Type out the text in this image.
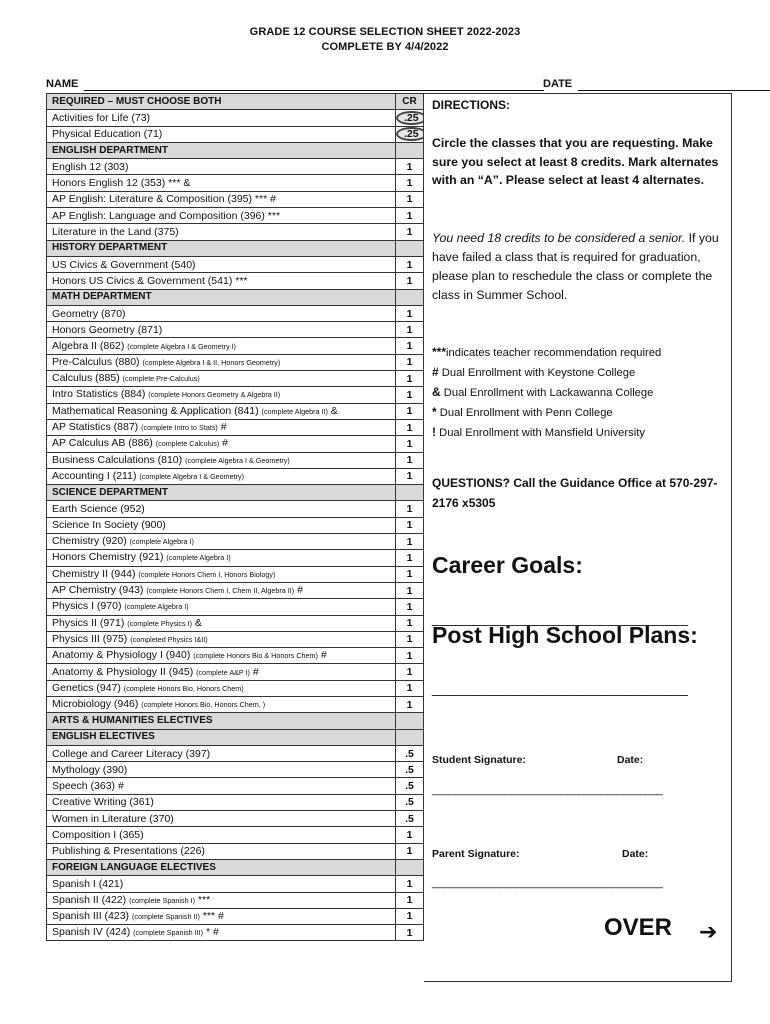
GRADE 12 COURSE SELECTION SHEET 2022-2023
COMPLETE BY 4/4/2022
NAME	DATE
REQUIRED – MUST CHOOSE BOTH	CR
Activities for Life (73)	.25
Physical Education (71)	.25
ENGLISH DEPARTMENT	
English 12 (303)	1
Honors English 12 (353) *** &	1
AP English: Literature & Composition (395) *** #	1
AP English: Language and Composition (396) ***	1
Literature in the Land (375)	1
HISTORY DEPARTMENT	
US Civics & Government (540)	1
Honors US Civics & Government (541) ***	1
MATH DEPARTMENT	
Geometry (870)	1
Honors Geometry (871)	1
Algebra II (862) (complete Algebra I & Geometry I)	1
Pre-Calculus (880) (complete Algebra I & II, Honors Geometry)	1
Calculus (885) (complete Pre-Calculus)	1
Intro Statistics (884) (complete Honors Geometry & Algebra II)	1
Mathematical Reasoning & Application (841) (complete Algebra II) &	1
AP Statistics (887) (complete Intro to Stats) #	1
AP Calculus AB (886) (complete Calculus) #	1
Business Calculations (810) (complete Algebra I & Geometry)	1
Accounting I (211) (complete Algebra I & Geometry)	1
SCIENCE DEPARTMENT	
Earth Science (952)	1
Science In Society (900)	1
Chemistry (920) (complete Algebra I)	1
Honors Chemistry (921) (complete Algebra I)	1
Chemistry II (944) (complete Honors Chem I, Honors Biology)	1
AP Chemistry (943) (complete Honors Chem I, Chem II, Algebra II) #	1
Physics I (970) (complete Algebra I)	1
Physics II (971) (complete Physics I) &	1
Physics III (975) (completed Physics I&II)	1
Anatomy & Physiology I (940) (complete Honors Bio & Honors Chem) #	1
Anatomy & Physiology II (945) (complete A&P I) #	1
Genetics (947) (complete Honors Bio, Honors Chem)	1
Microbiology (946) (complete Honors Bio, Honors Chem, )	1
ARTS & HUMANITIES ELECTIVES	
ENGLISH ELECTIVES	
College and Career Literacy (397)	.5
Mythology (390)	.5
Speech (363) #	.5
Creative Writing (361)	.5
Women in Literature (370)	.5
Composition I (365)	1
Publishing & Presentations (226)	1
FOREIGN LANGUAGE ELECTIVES	
Spanish I (421)	1
Spanish II (422) (complete Spanish I) ***	1
Spanish III (423) (complete Spanish II) *** #	1
Spanish IV (424) (complete Spanish III) * #	1
DIRECTIONS:
Circle the classes that you are requesting. Make sure you select at least 8 credits. Mark alternates with an “A”. Please select at least 4 alternates.
You need 18 credits to be considered a senior. If you have failed a class that is required for graduation, please plan to reschedule the class or complete the class in Summer School.
***indicates teacher recommendation required
# Dual Enrollment with Keystone College
& Dual Enrollment with Lackawanna College
* Dual Enrollment with Penn College
! Dual Enrollment with Mansfield University
QUESTIONS? Call the Guidance Office at 570-297-2176 x5305
Career Goals:
____________________
Post High School Plans:
____________________
Student Signature:	Date:
_________________________________________
Parent Signature:	Date:
_________________________________________
OVER ➔
